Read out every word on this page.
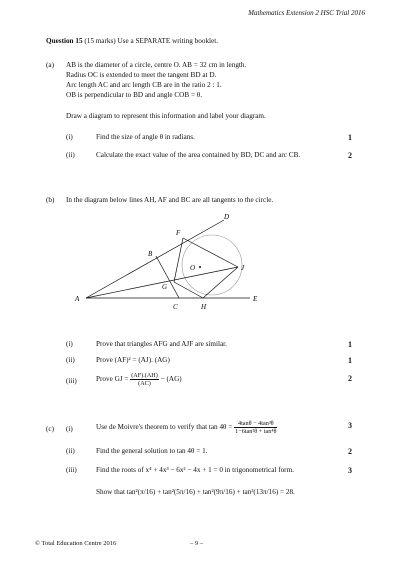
Mathematics Extension 2 HSC Trial 2016
Question 15 (15 marks) Use a SEPARATE writing booklet.
(a) AB is the diameter of a circle, centre O. AB = 32 cm in length.
Radius OC is extended to meet the tangent BD at D.
Arc length AC and arc length CB are in the ratio 2 : 1.
OB is perpendicular to BD and angle COB = θ.
Draw a diagram to represent this information and label your diagram.
(i)	Find the size of angle θ in radians.	1
(ii)	Calculate the exact value of the area contained by BD, DC and arc CB.	2
(b) In the diagram below lines AH, AF and BC are all tangents to the circle.
D
F
B
O	J
G
A	E
C	H
(i)	Prove that triangles AFG and AJF are similar.	1
(ii)	Prove (AF)² = (AJ). (AG)	1
(iii)	Prove GJ = $\frac{(AF).(AH)}{(AC)} - (AG)$	2
(c) (i)	Use de Moivre's theorem to verify that $\tan 4\theta = \frac{\text{4tanθ − 4tan³θ}}{\text{1−6tan²θ + tan⁴θ}}$	3
(ii)	Find the general solution to tan 4θ = 1.	2
(iii)	Find the roots of x⁴ + 4x³ − 6x² − 4x + 1 = 0 in trigonometrical form.	3
Show that tan²(π/16) + tan²(5π/16) + tan²(9π/16) + tan²(13π/16) = 28.
© Total Education Centre 2016	– 9 –
